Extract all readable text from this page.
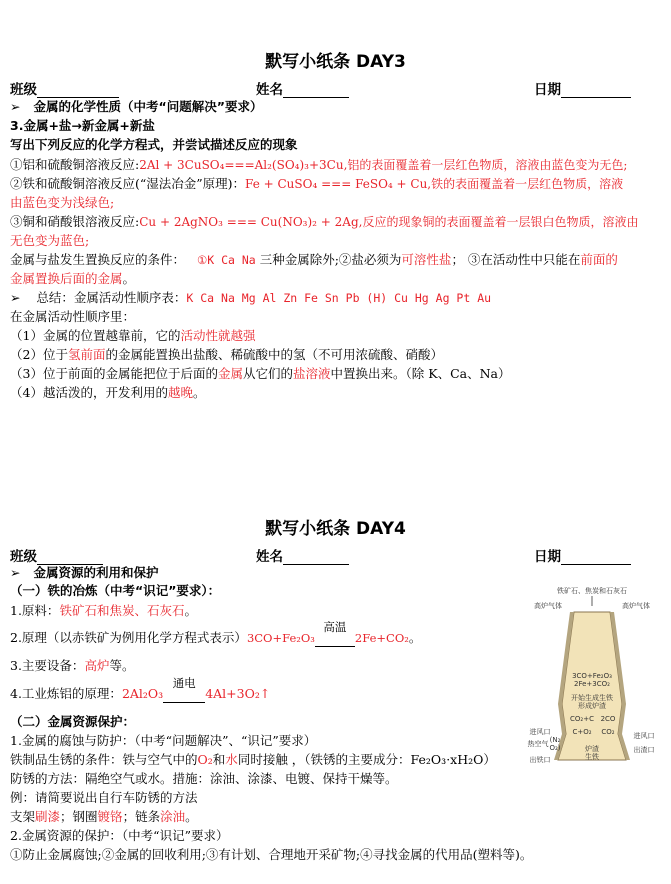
默写小纸条 DAY3
班级	姓名	日期
➢ 金属的化学性质（中考“问题解决”要求）
3.金属+盐→新金属+新盐
写出下列反应的化学方程式，并尝试描述反应的现象
①铝和硫酸铜溶液反应:2Al + 3CuSO₄===Al₂(SO₄)₃+3Cu,铝的表面覆盖着一层红色物质，溶液由蓝色变为无色;
②铁和硫酸铜溶液反应(“湿法冶金”原理)：Fe + CuSO₄ === FeSO₄ + Cu,铁的表面覆盖着一层红色物质，溶液
由蓝色变为浅绿色;
③铜和硝酸银溶液反应:Cu + 2AgNO₃ === Cu(NO₃)₂ + 2Ag,反应的现象铜的表面覆盖着一层银白色物质，溶液由
无色变为蓝色;
金属与盐发生置换反应的条件： ①K Ca Na 三种金属除外;②盐必须为可溶性盐； ③在活动性中只能在前面的
金属置换后面的金属。
➢ 总结：金属活动性顺序表：K Ca Na Mg Al Zn Fe Sn Pb (H) Cu Hg Ag Pt Au
在金属活动性顺序里：
（1）金属的位置越靠前，它的活动性就越强
（2）位于氢前面的金属能置换出盐酸、稀硫酸中的氢（不可用浓硫酸、硝酸）
（3）位于前面的金属能把位于后面的金属从它们的盐溶液中置换出来。（除 K、Ca、Na）
（4）越活泼的，开发利用的越晚。
默写小纸条 DAY4
班级	姓名	日期
➢ 金属资源的利用和保护
（一）铁的冶炼（中考“识记”要求）：
1.原料：铁矿石和焦炭、石灰石。
2.原理（以赤铁矿为例用化学方程式表示）3CO+Fe₂O₃
高温
2Fe+CO₂。
3.主要设备：高炉等。
4.工业炼铝的原理：2Al₂O₃
通电
4Al+3O₂↑
（二）金属资源保护：
1.金属的腐蚀与防护：（中考“问题解决”、“识记”要求）
铁制品生锈的条件：铁与空气中的O₂和水同时接触 ，（铁锈的主要成分：Fe₂O₃·xH₂O）
防锈的方法：隔绝空气或水。措施：涂油、涂漆、电镀、保持干燥等。
例：请简要说出自行车防锈的方法
支架刷漆；钢圈镀铬；链条涂油。
2.金属资源的保护：（中考“识记”要求）
①防止金属腐蚀;②金属的回收利用;③有计划、合理地开采矿物;④寻找金属的代用品(塑料等)。
铁矿石、焦炭和石灰石
高炉气体	高炉气体
3CO+Fe₂O₃
2Fe+3CO₂
开始生成生铁
形成炉渣
CO₂+C 2CO
C+O₂ CO₂
进风口	进风口
热空气 (N₂
O₂)	炉渣
生铁
出渣口
出铁口
